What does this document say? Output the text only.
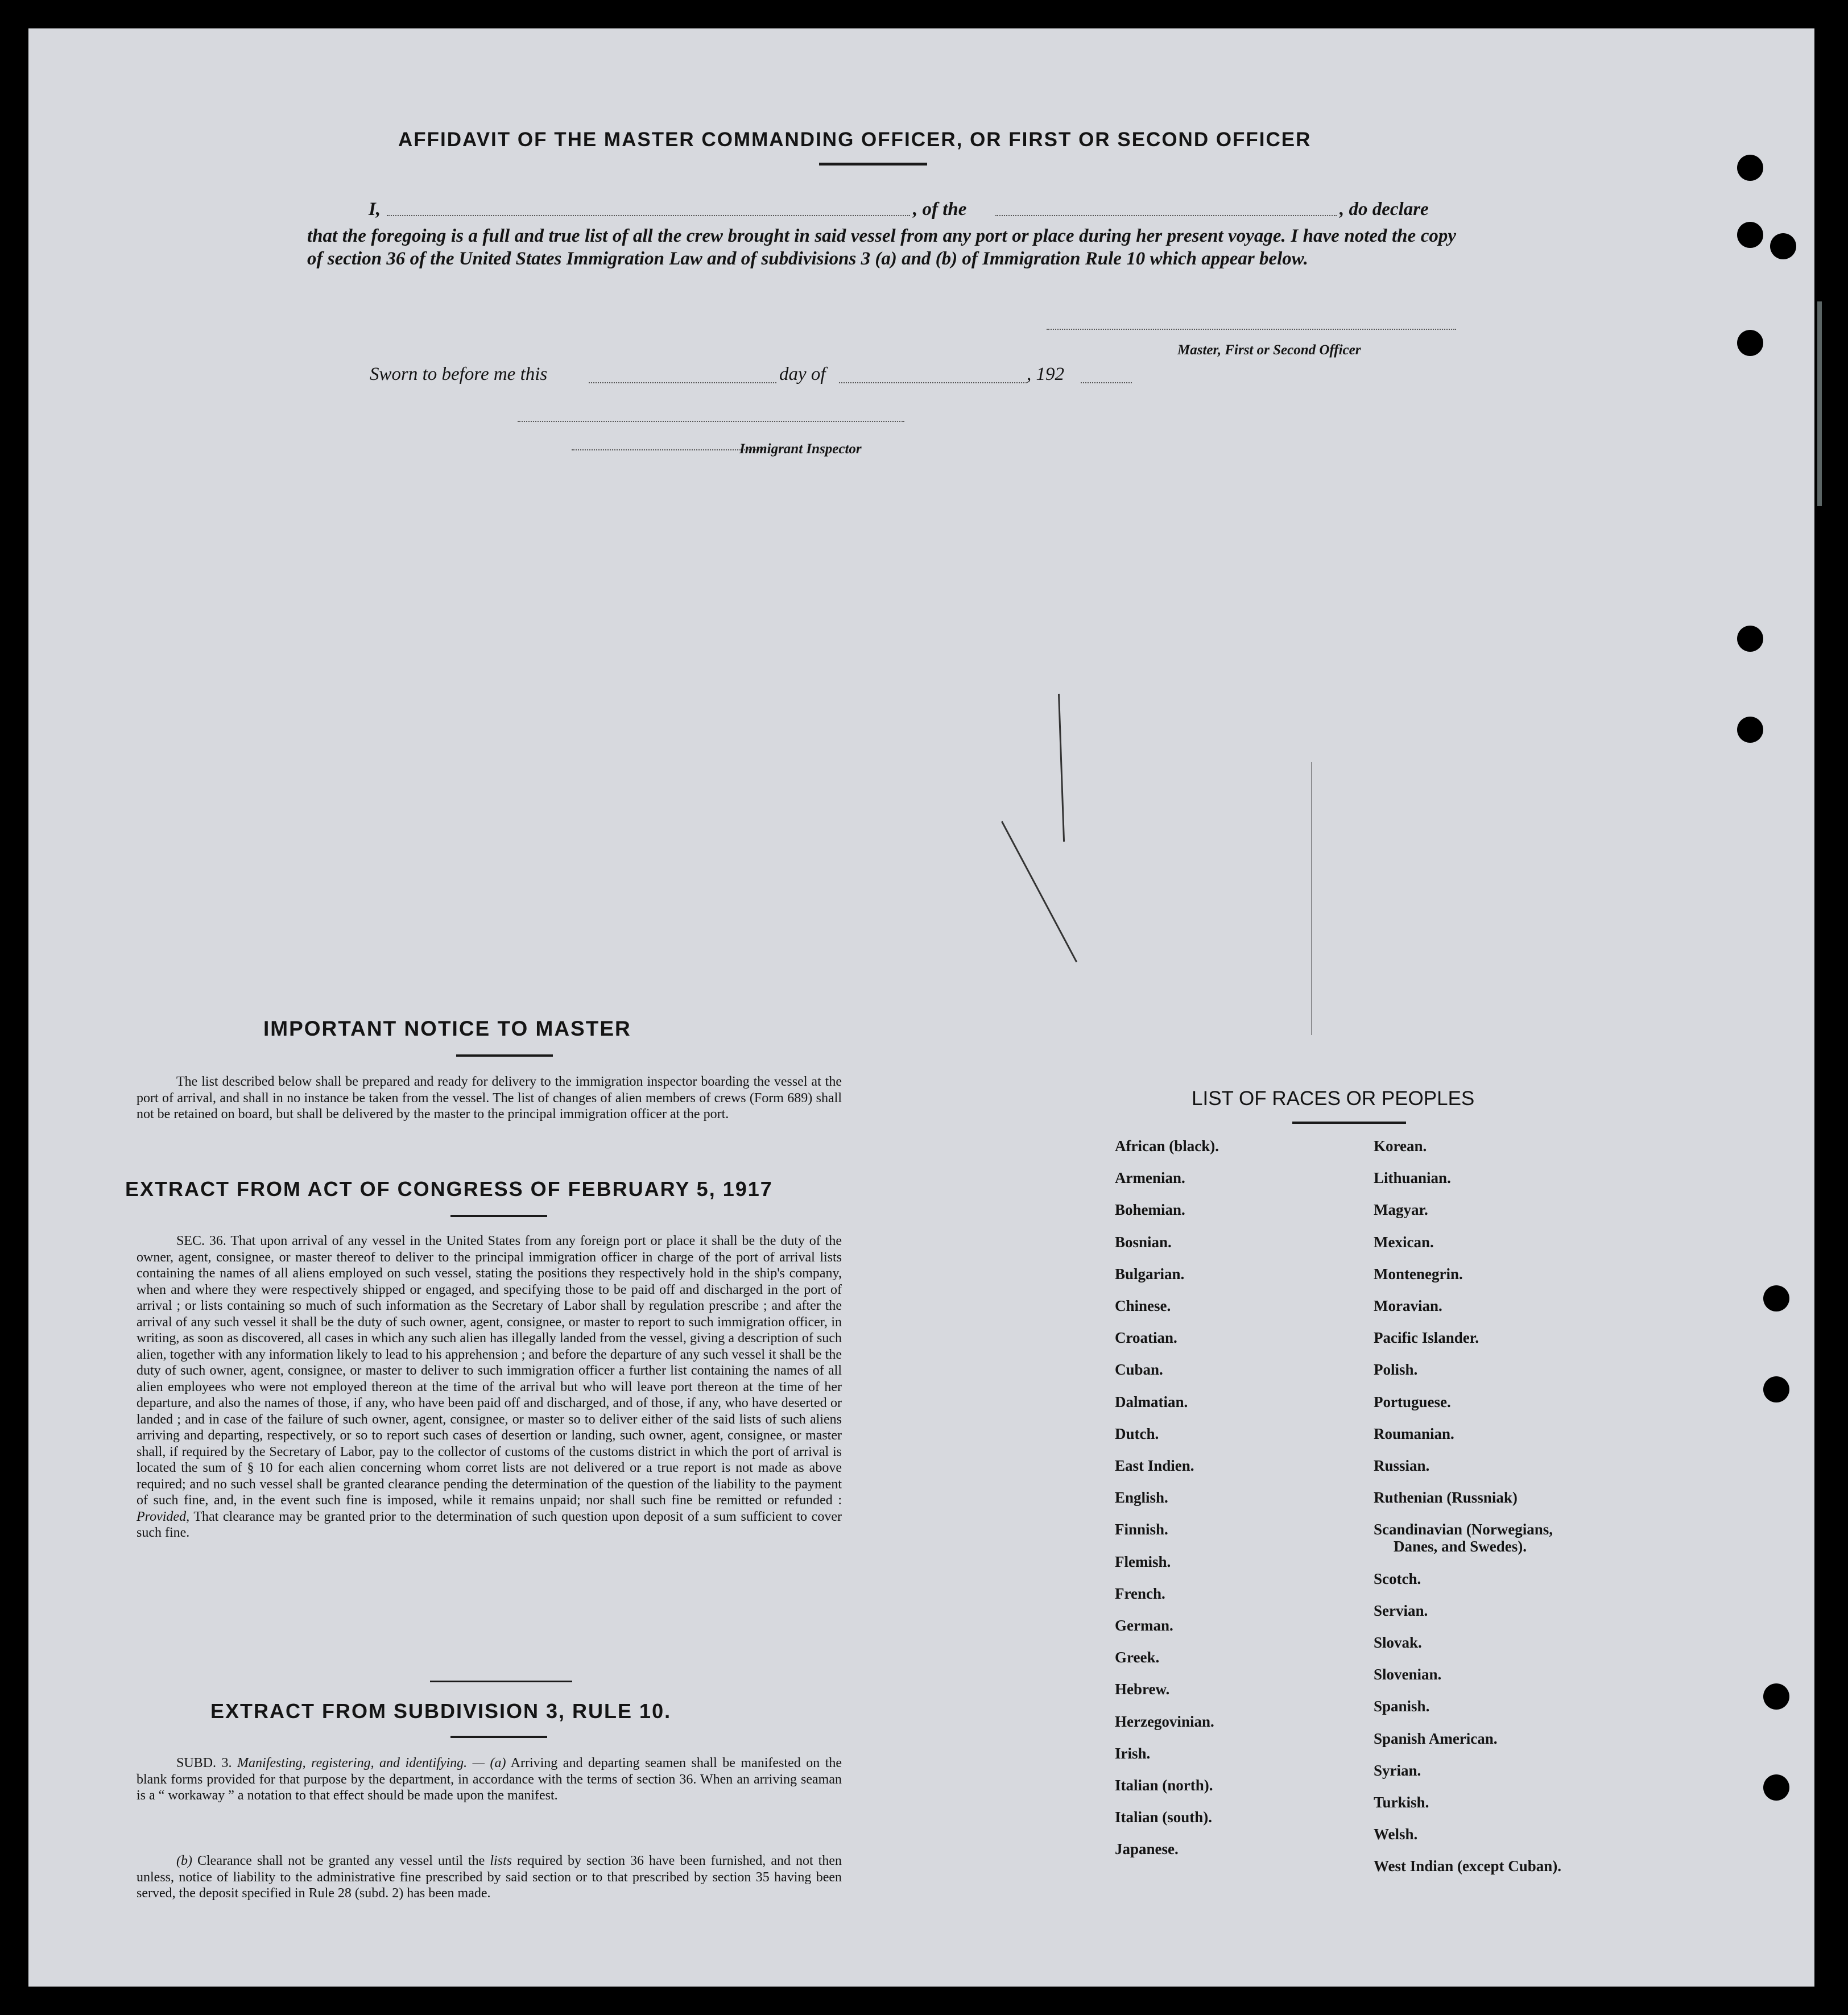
AFFIDAVIT OF THE MASTER COMMANDING OFFICER, OR FIRST OR SECOND OFFICER
I,	, of the	, do declare
that the foregoing is a full and true list of all the crew brought in said vessel from any port or place during her present voyage. I have noted the copy of section 36 of the United States Immigration Law and of subdivisions 3 (a) and (b) of Immigration Rule 10 which appear below.
Master, First or Second Officer
Sworn to before me this	day of	, 192
Immigrant Inspector
IMPORTANT NOTICE TO MASTER
The list described below shall be prepared and ready for delivery to the immigration inspector boarding the vessel at the port of arrival, and shall in no instance be taken from the vessel. The list of changes of alien members of crews (Form 689) shall not be retained on board, but shall be delivered by the master to the principal immigration officer at the port.
EXTRACT FROM ACT OF CONGRESS OF FEBRUARY 5, 1917
SEC. 36. That upon arrival of any vessel in the United States from any foreign port or place it shall be the duty of the owner, agent, consignee, or master thereof to deliver to the principal immigration officer in charge of the port of arrival lists containing the names of all aliens employed on such vessel, stating the positions they respectively hold in the ship's company, when and where they were respectively shipped or engaged, and specifying those to be paid off and discharged in the port of arrival ; or lists containing so much of such information as the Secretary of Labor shall by regulation prescribe ; and after the arrival of any such vessel it shall be the duty of such owner, agent, consignee, or master to report to such immigration officer, in writing, as soon as discovered, all cases in which any such alien has illegally landed from the vessel, giving a description of such alien, together with any information likely to lead to his apprehension ; and before the departure of any such vessel it shall be the duty of such owner, agent, consignee, or master to deliver to such immigration officer a further list containing the names of all alien employees who were not employed thereon at the time of the arrival but who will leave port thereon at the time of her departure, and also the names of those, if any, who have been paid off and discharged, and of those, if any, who have deserted or landed ; and in case of the failure of such owner, agent, consignee, or master so to deliver either of the said lists of such aliens arriving and departing, respectively, or so to report such cases of desertion or landing, such owner, agent, consignee, or master shall, if required by the Secretary of Labor, pay to the collector of customs of the customs district in which the port of arrival is located the sum of § 10 for each alien concerning whom corret lists are not delivered or a true report is not made as above required; and no such vessel shall be granted clearance pending the determination of the question of the liability to the payment of such fine, and, in the event such fine is imposed, while it remains unpaid; nor shall such fine be remitted or refunded : Provided, That clearance may be granted prior to the determination of such question upon deposit of a sum sufficient to cover such fine.
EXTRACT FROM SUBDIVISION 3, RULE 10.
SUBD. 3. Manifesting, registering, and identifying. — (a) Arriving and departing seamen shall be manifested on the blank forms provided for that purpose by the department, in accordance with the terms of section 36. When an arriving seaman is a “ workaway ” a notation to that effect should be made upon the manifest.
(b) Clearance shall not be granted any vessel until the lists required by section 36 have been furnished, and not then unless, notice of liability to the administrative fine prescribed by said section or to that prescribed by section 35 having been served, the deposit specified in Rule 28 (subd. 2) has been made.
LIST OF RACES OR PEOPLES
African (black).
Armenian.
Bohemian.
Bosnian.
Bulgarian.
Chinese.
Croatian.
Cuban.
Dalmatian.
Dutch.
East Indien.
English.
Finnish.
Flemish.
French.
German.
Greek.
Hebrew.
Herzegovinian.
Irish.
Italian (north).
Italian (south).
Japanese.
Korean.
Lithuanian.
Magyar.
Mexican.
Montenegrin.
Moravian.
Pacific Islander.
Polish.
Portuguese.
Roumanian.
Russian.
Ruthenian (Russniak)
Scandinavian (Norwegians,
Danes, and Swedes).
Scotch.
Servian.
Slovak.
Slovenian.
Spanish.
Spanish American.
Syrian.
Turkish.
Welsh.
West Indian (except Cuban).
